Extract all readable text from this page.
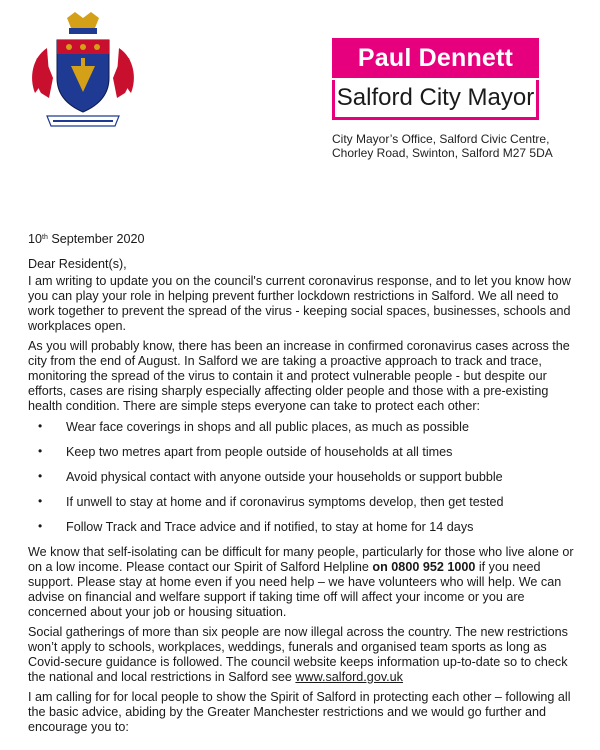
Paul Dennett
Salford City Mayor
City Mayor’s Office, Salford Civic Centre,
Chorley Road, Swinton, Salford M27 5DA

10th September 2020

Dear Resident(s),

I am writing to update you on the council's current coronavirus response, and to let you know how you can play your role in helping prevent further lockdown restrictions in Salford. We all need to work together to prevent the spread of the virus - keeping social spaces, businesses, schools and workplaces open.

As you will probably know, there has been an increase in confirmed coronavirus cases across the city from the end of August. In Salford we are taking a proactive approach to track and trace, monitoring the spread of the virus to contain it and protect vulnerable people - but despite our efforts, cases are rising sharply especially affecting older people and those with a pre-existing health condition. There are simple steps everyone can take to protect each other:

• Wear face coverings in shops and all public places, as much as possible
• Keep two metres apart from people outside of households at all times
• Avoid physical contact with anyone outside your households or support bubble
• If unwell to stay at home and if coronavirus symptoms develop, then get tested
• Follow Track and Trace advice and if notified, to stay at home for 14 days

We know that self-isolating can be difficult for many people, particularly for those who live alone or on a low income. Please contact our Spirit of Salford Helpline on 0800 952 1000 if you need support. Please stay at home even if you need help – we have volunteers who will help. We can advise on financial and welfare support if taking time off will affect your income or you are concerned about your job or housing situation.

Social gatherings of more than six people are now illegal across the country. The new restrictions won’t apply to schools, workplaces, weddings, funerals and organised team sports as long as Covid-secure guidance is followed. The council website keeps information up-to-date so to check the national and local restrictions in Salford see www.salford.gov.uk

I am calling for for local people to show the Spirit of Salford in protecting each other – following all the basic advice, abiding by the Greater Manchester restrictions and we would go further and encourage you to:
